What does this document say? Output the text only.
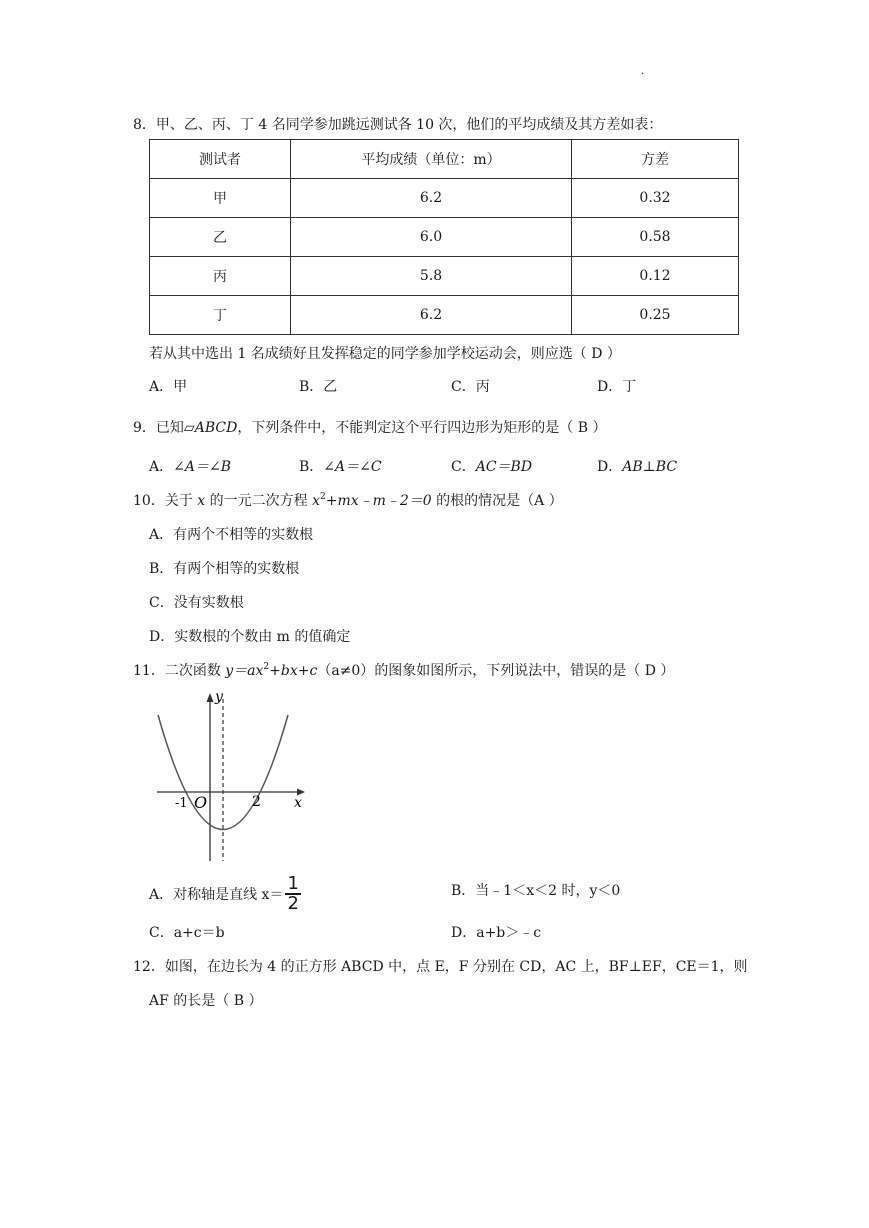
.
8．甲、乙、丙、丁 4 名同学参加跳远测试各 10 次，他们的平均成绩及其方差如表：
测试者	平均成绩（单位：m）	方差
甲	6.2	0.32
乙	6.0	0.58
丙	5.8	0.12
丁	6.2	0.25
若从其中选出 1 名成绩好且发挥稳定的同学参加学校运动会，则应选（ D ）
A．甲	B．乙	C．丙	D．丁
9．已知▱ABCD，下列条件中，不能判定这个平行四边形为矩形的是（ B ）
A．∠A＝∠B	B．∠A＝∠C	C．AC＝BD	D．AB⊥BC
10．关于 x 的一元二次方程 $x^2+mx﹣m﹣2=0$ 的根的情况是（A ）
A．有两个不相等的实数根
B．有两个相等的实数根
C．没有实数根
D．实数根的个数由 m 的值确定
11．二次函数 $y=ax^2+bx+c(a\ne 0)$的图象如图所示，下列说法中，错误的是（ D ）
y
x
O
-1	2
A．对称轴是直线 $x= \frac{1}{2}$	B．当﹣1＜x＜2 时，y＜0
C．a+c＝b	D．a+b＞﹣c
12．如图，在边长为 4 的正方形 ABCD 中，点 E，F 分别在 CD，AC 上，BF⊥EF，CE＝1，则
AF 的长是（ B ）
